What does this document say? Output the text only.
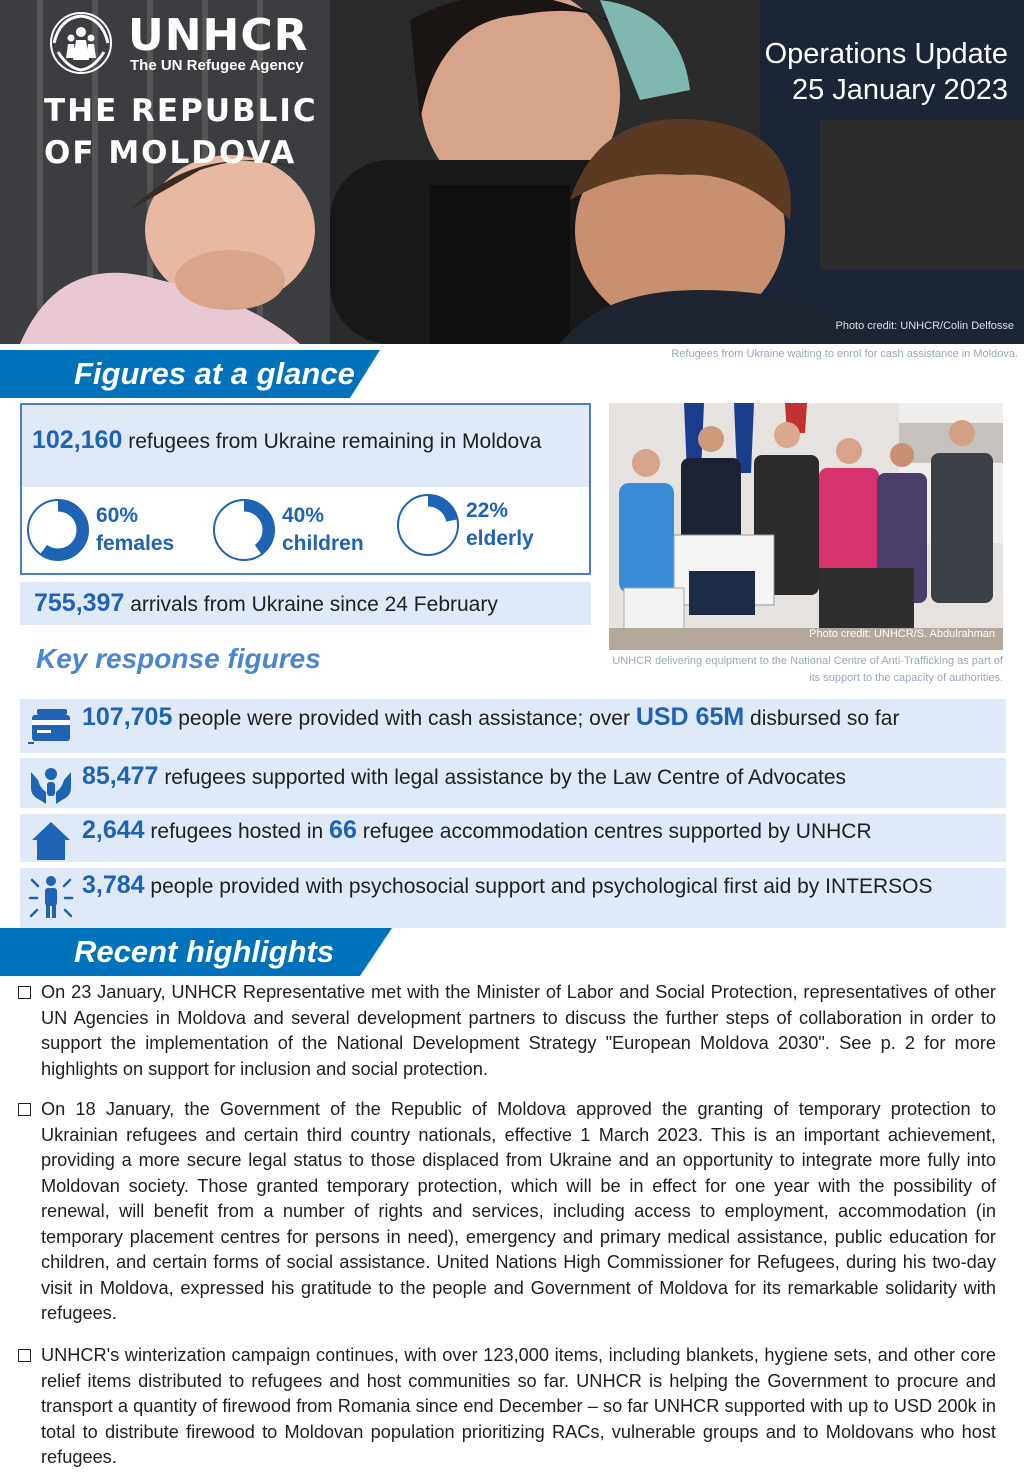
UNHCR
The UN Refugee Agency
THE REPUBLIC
OF MOLDOVA
Operations Update
25 January 2023
Photo credit: UNHCR/Colin Delfosse
Refugees from Ukraine waiting to enrol for cash assistance in Moldova.
Figures at a glance
102,160 refugees from Ukraine remaining in Moldova
60%
females
40%
children
22%
elderly
755,397 arrivals from Ukraine since 24 February
Key response figures
Photo credit: UNHCR/S. Abdulrahman
UNHCR delivering equipment to the National Centre of Anti-Trafficking as part of its support to the capacity of authorities.
107,705 people were provided with cash assistance; over USD 65M disbursed so far
85,477 refugees supported with legal assistance by the Law Centre of Advocates
2,644 refugees hosted in 66 refugee accommodation centres supported by UNHCR
3,784 people provided with psychosocial support and psychological first aid by INTERSOS
Recent highlights
On 23 January, UNHCR Representative met with the Minister of Labor and Social Protection, representatives of other UN Agencies in Moldova and several development partners to discuss the further steps of collaboration in order to support the implementation of the National Development Strategy "European Moldova 2030". See p. 2 for more highlights on support for inclusion and social protection.
On 18 January, the Government of the Republic of Moldova approved the granting of temporary protection to Ukrainian refugees and certain third country nationals, effective 1 March 2023. This is an important achievement, providing a more secure legal status to those displaced from Ukraine and an opportunity to integrate more fully into Moldovan society. Those granted temporary protection, which will be in effect for one year with the possibility of renewal, will benefit from a number of rights and services, including access to employment, accommodation (in temporary placement centres for persons in need), emergency and primary medical assistance, public education for children, and certain forms of social assistance. United Nations High Commissioner for Refugees, during his two-day visit in Moldova, expressed his gratitude to the people and Government of Moldova for its remarkable solidarity with refugees.
UNHCR's winterization campaign continues, with over 123,000 items, including blankets, hygiene sets, and other core relief items distributed to refugees and host communities so far. UNHCR is helping the Government to procure and transport a quantity of firewood from Romania since end December – so far UNHCR supported with up to USD 200k in total to distribute firewood to Moldovan population prioritizing RACs, vulnerable groups and to Moldovans who host refugees.
